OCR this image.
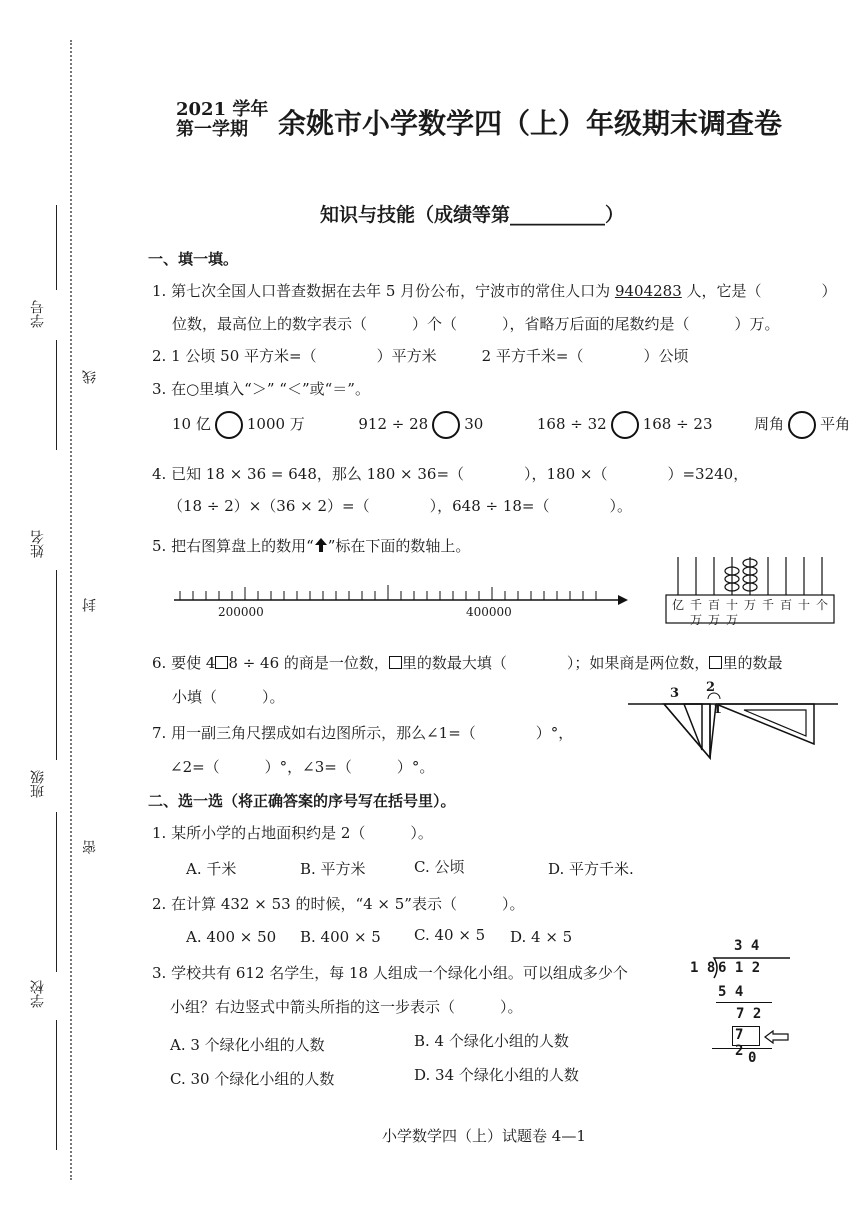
学号
姓名
班级
学校
线
封
密
2021 学年
第一学期	余姚市小学数学四（上）年级期末调查卷
知识与技能（成绩等第__________）
一、填一填。
1. 第七次全国人口普查数据在去年 5 月份公布，宁波市的常住人口为 9404283 人，它是（　　　　）
位数，最高位上的数字表示（　　　）个（　　　），省略万后面的尾数约是（　　　）万。
2. 1 公顷 50 平方米=（　　　　）平方米　　　2 平方千米=（　　　　）公顷
3. 在○里填入“＞” “＜”或“＝”。
10 亿 1000 万	912 ÷ 28 30	168 ÷ 32 168 ÷ 23	周角 平角
4. 已知 18 × 36 = 648，那么 180 × 36=（　　　　），180 ×（　　　　）=3240，
（18 ÷ 2）×（36 × 2）=（　　　　），648 ÷ 18=（　　　　）。
5. 把右图算盘上的数用“ ”标在下面的数轴上。
200000	400000	亿 千 百 十 万 千 百 十 个
万 万 万
6. 要使 4 8 ÷ 46 的商是一位数， 里的数最大填（　　　　）；如果商是两位数， 里的数最
小填（　　　）。
7. 用一副三角尺摆成如右边图所示，那么∠1=（　　　　）°，
∠2=（　　　）°，∠3=（　　　）°。
3 2
1
二、选一选（将正确答案的序号写在括号里）。
1. 某所小学的占地面积约是 2（　　　）。
A. 千米	B. 平方米	C. 公顷	D. 平方千米.
2. 在计算 432 × 53 的时候，“4 × 5”表示（　　　）。
A. 400 × 50 B. 400 × 5 C. 40 × 5 D. 4 × 5
3. 学校共有 612 名学生，每 18 人组成一个绿化小组。可以组成多少个
小组？右边竖式中箭头所指的这一步表示（　　　）。
A. 3 个绿化小组的人数	B. 4 个绿化小组的人数
C. 30 个绿化小组的人数	D. 34 个绿化小组的人数
3 4
1 8 6 1 2
5 4
7 2
7 2 0
小学数学四（上）试题卷 4—1
